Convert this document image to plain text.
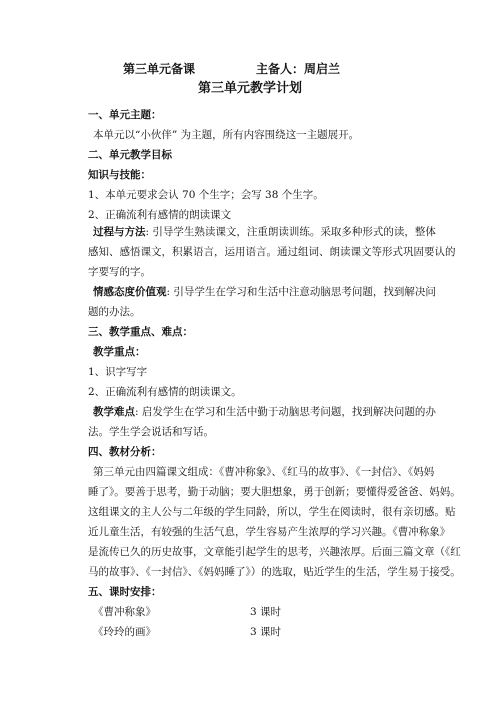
第三单元备课	主备人：周启兰
第三单元教学计划
一、单元主题：
本单元以“小伙伴” 为主题，所有内容围绕这一主题展开。
二、单元教学目标
知识与技能：
1、本单元要求会认 70 个生字；会写 38 个生字。
2、正确流利有感情的朗读课文
过程与方法: 引导学生熟读课文，注重朗读训练。采取多种形式的读，整体
感知、感悟课文，积累语言，运用语言。通过组词、朗读课文等形式巩固要认的
字要写的字。
情感态度价值观: 引导学生在学习和生活中注意动脑思考问题，找到解决问
题的办法。
三、教学重点、难点：
教学重点：
1、识字写字
2、正确流利有感情的朗读课文。
教学难点: 启发学生在学习和生活中勤于动脑思考问题，找到解决问题的办
法。学生学会说话和写话。
四、教材分析：
第三单元由四篇课文组成：《曹冲称象》、《红马的故事》、《一封信》、《妈妈
睡了》。要善于思考，勤于动脑；要大胆想象，勇于创新；要懂得爱爸爸、妈妈。
这组课文的主人公与二年级的学生同龄，所以，学生在阅读时，很有亲切感。贴
近儿童生活，有较强的生活气息，学生容易产生浓厚的学习兴趣。《曹冲称象》
是流传已久的历史故事，文章能引起学生的思考，兴趣浓厚。后面三篇文章（《红
马的故事》、《一封信》、《妈妈睡了》）的选取，贴近学生的生活，学生易于接受。
五、课时安排：
《曹冲称象》	3 课时
《玲玲的画》	3 课时
